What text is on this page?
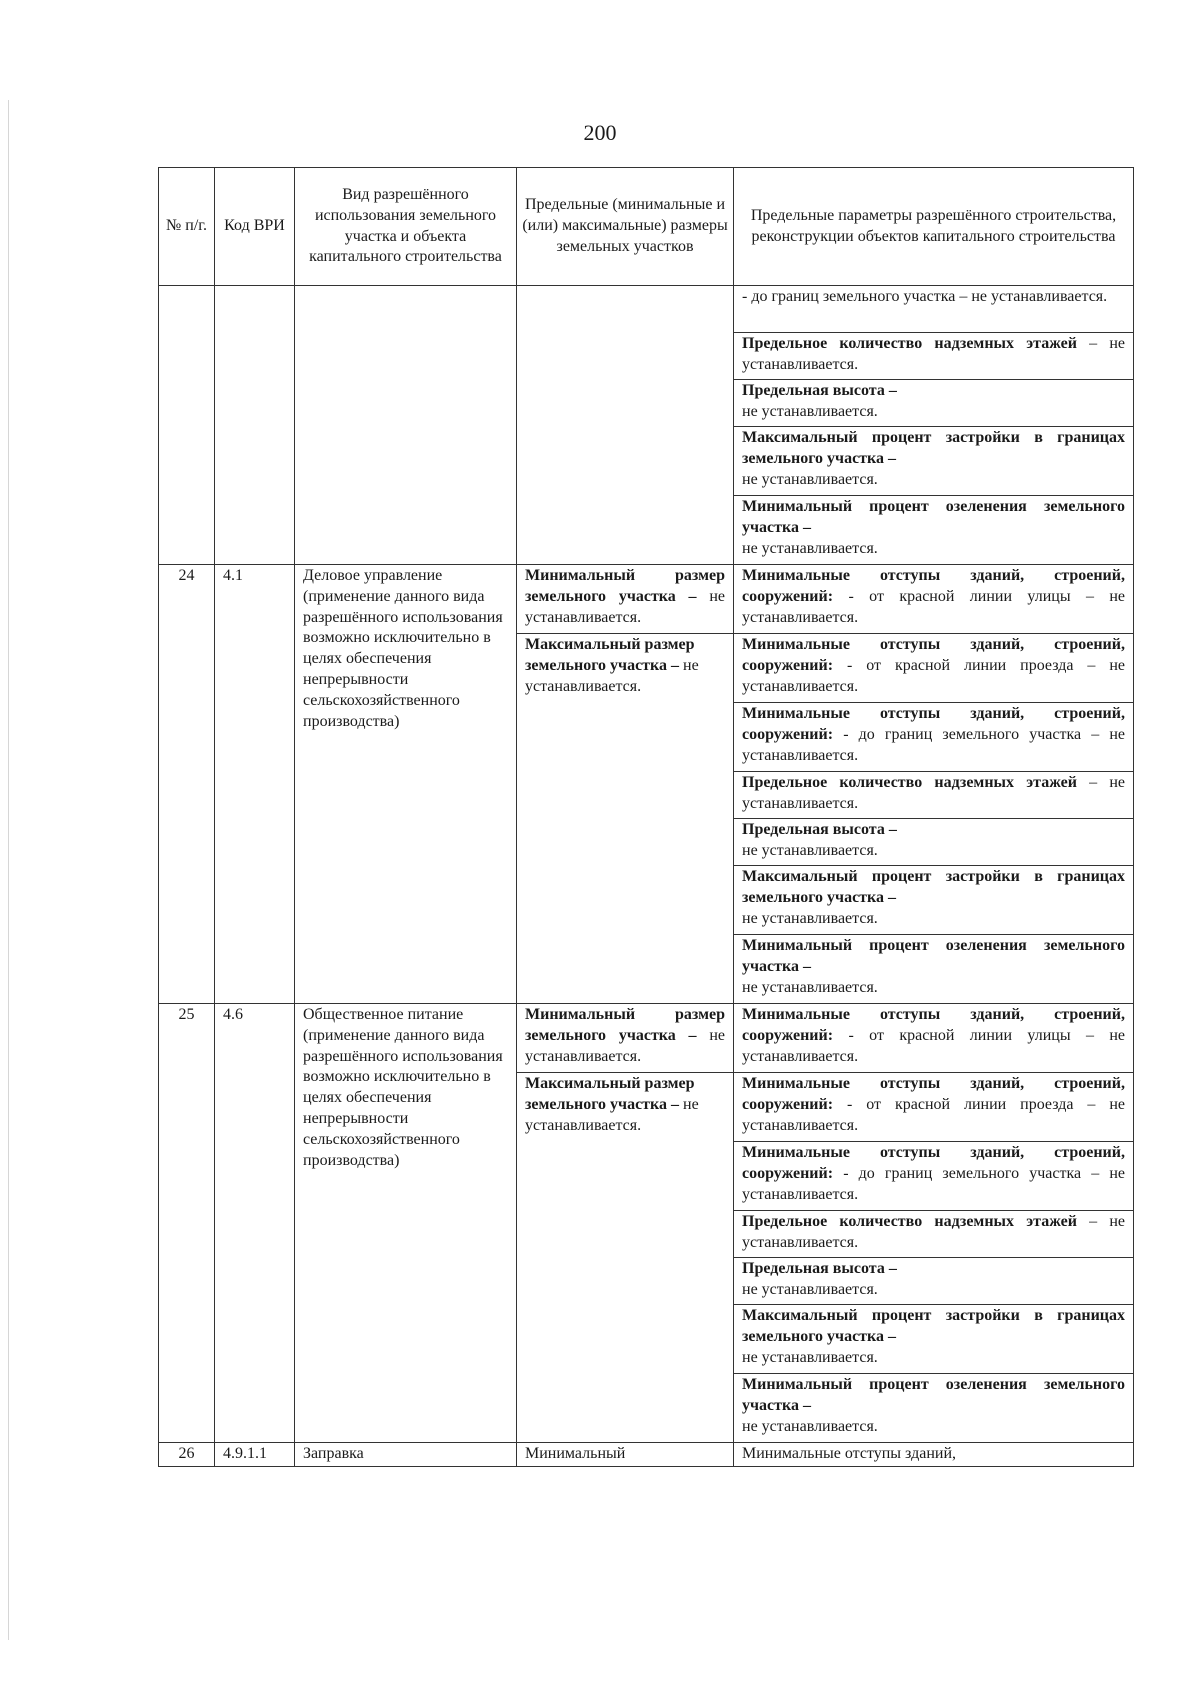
200
№ п/г.	Код ВРИ	Вид разрешённого использования земельного участка и объекта капитального строительства	Предельные (минимальные и (или) максимальные) размеры земельных участков	Предельные параметры разрешённого строительства, реконструкции объектов капитального строительства
				- до границ земельного участка – не устанавливается.
				Предельное количество надземных этажей – не устанавливается.

				Предельная высота –
не устанавливается.

				Максимальный процент застройки в границах земельного участка –
не устанавливается.

				Минимальный процент озеленения земельного участка –
не устанавливается.
24	4.1	Деловое управление (применение данного вида разрешённого использования возможно исключительно в целях обеспечения непрерывности сельскохозяйственного производства)	Минимальный размер земельного участка – не устанавливается.	Минимальные отступы зданий, строений, сооружений: - от красной линии улицы – не устанавливается.
			Максимальный размер земельного участка – не устанавливается.	Минимальные отступы зданий, строений, сооружений: - от красной линии проезда – не устанавливается.
				Минимальные отступы зданий, строений, сооружений: - до границ земельного участка – не устанавливается.
				Предельное количество надземных этажей – не устанавливается.

				Предельная высота –
не устанавливается.

				Максимальный процент застройки в границах земельного участка –
не устанавливается.

				Минимальный процент озеленения земельного участка –
не устанавливается.
25	4.6	Общественное питание (применение данного вида разрешённого использования возможно исключительно в целях обеспечения непрерывности сельскохозяйственного производства)	Минимальный размер земельного участка – не устанавливается.	Минимальные отступы зданий, строений, сооружений: - от красной линии улицы – не устанавливается.
			Максимальный размер земельного участка – не устанавливается.	Минимальные отступы зданий, строений, сооружений: - от красной линии проезда – не устанавливается.
				Минимальные отступы зданий, строений, сооружений: - до границ земельного участка – не устанавливается.
				Предельное количество надземных этажей – не устанавливается.

				Предельная высота –
не устанавливается.

				Максимальный процент застройки в границах земельного участка –
не устанавливается.

				Минимальный процент озеленения земельного участка –
не устанавливается.
26	4.9.1.1	Заправка	Минимальный	Минимальные отступы зданий,
